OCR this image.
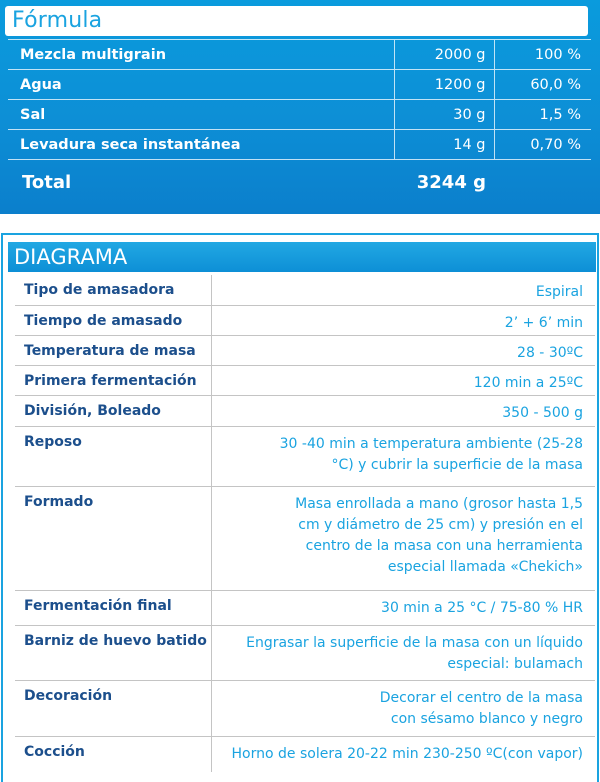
Fórmula
Mezcla multigrain	2000 g	100 %
Agua	1200 g	60,0 %
Sal	30 g	1,5 %
Levadura seca instantánea	14 g	0,70 %
Total	3244 g
DIAGRAMA
Tipo de amasadora	Espiral
Tiempo de amasado	2’ + 6’ min
Temperatura de masa	28 - 30ºC
Primera fermentación	120 min a 25ºC
División, Boleado	350 - 500 g
Reposo	30 -40 min a temperatura ambiente (25-28 °C) y cubrir la superficie de la masa
Formado	Masa enrollada a mano (grosor hasta 1,5 cm y diámetro de 25 cm) y presión en el centro de la masa con una herramienta especial llamada «Chekich»
Fermentación final	30 min a 25 °C / 75-80 % HR
Barniz de huevo batido	Engrasar la superficie de la masa con un líquido especial: bulamach
Decoración	Decorar el centro de la masa con sésamo blanco y negro
Cocción	Horno de solera 20-22 min 230-250 ºC(con vapor)
